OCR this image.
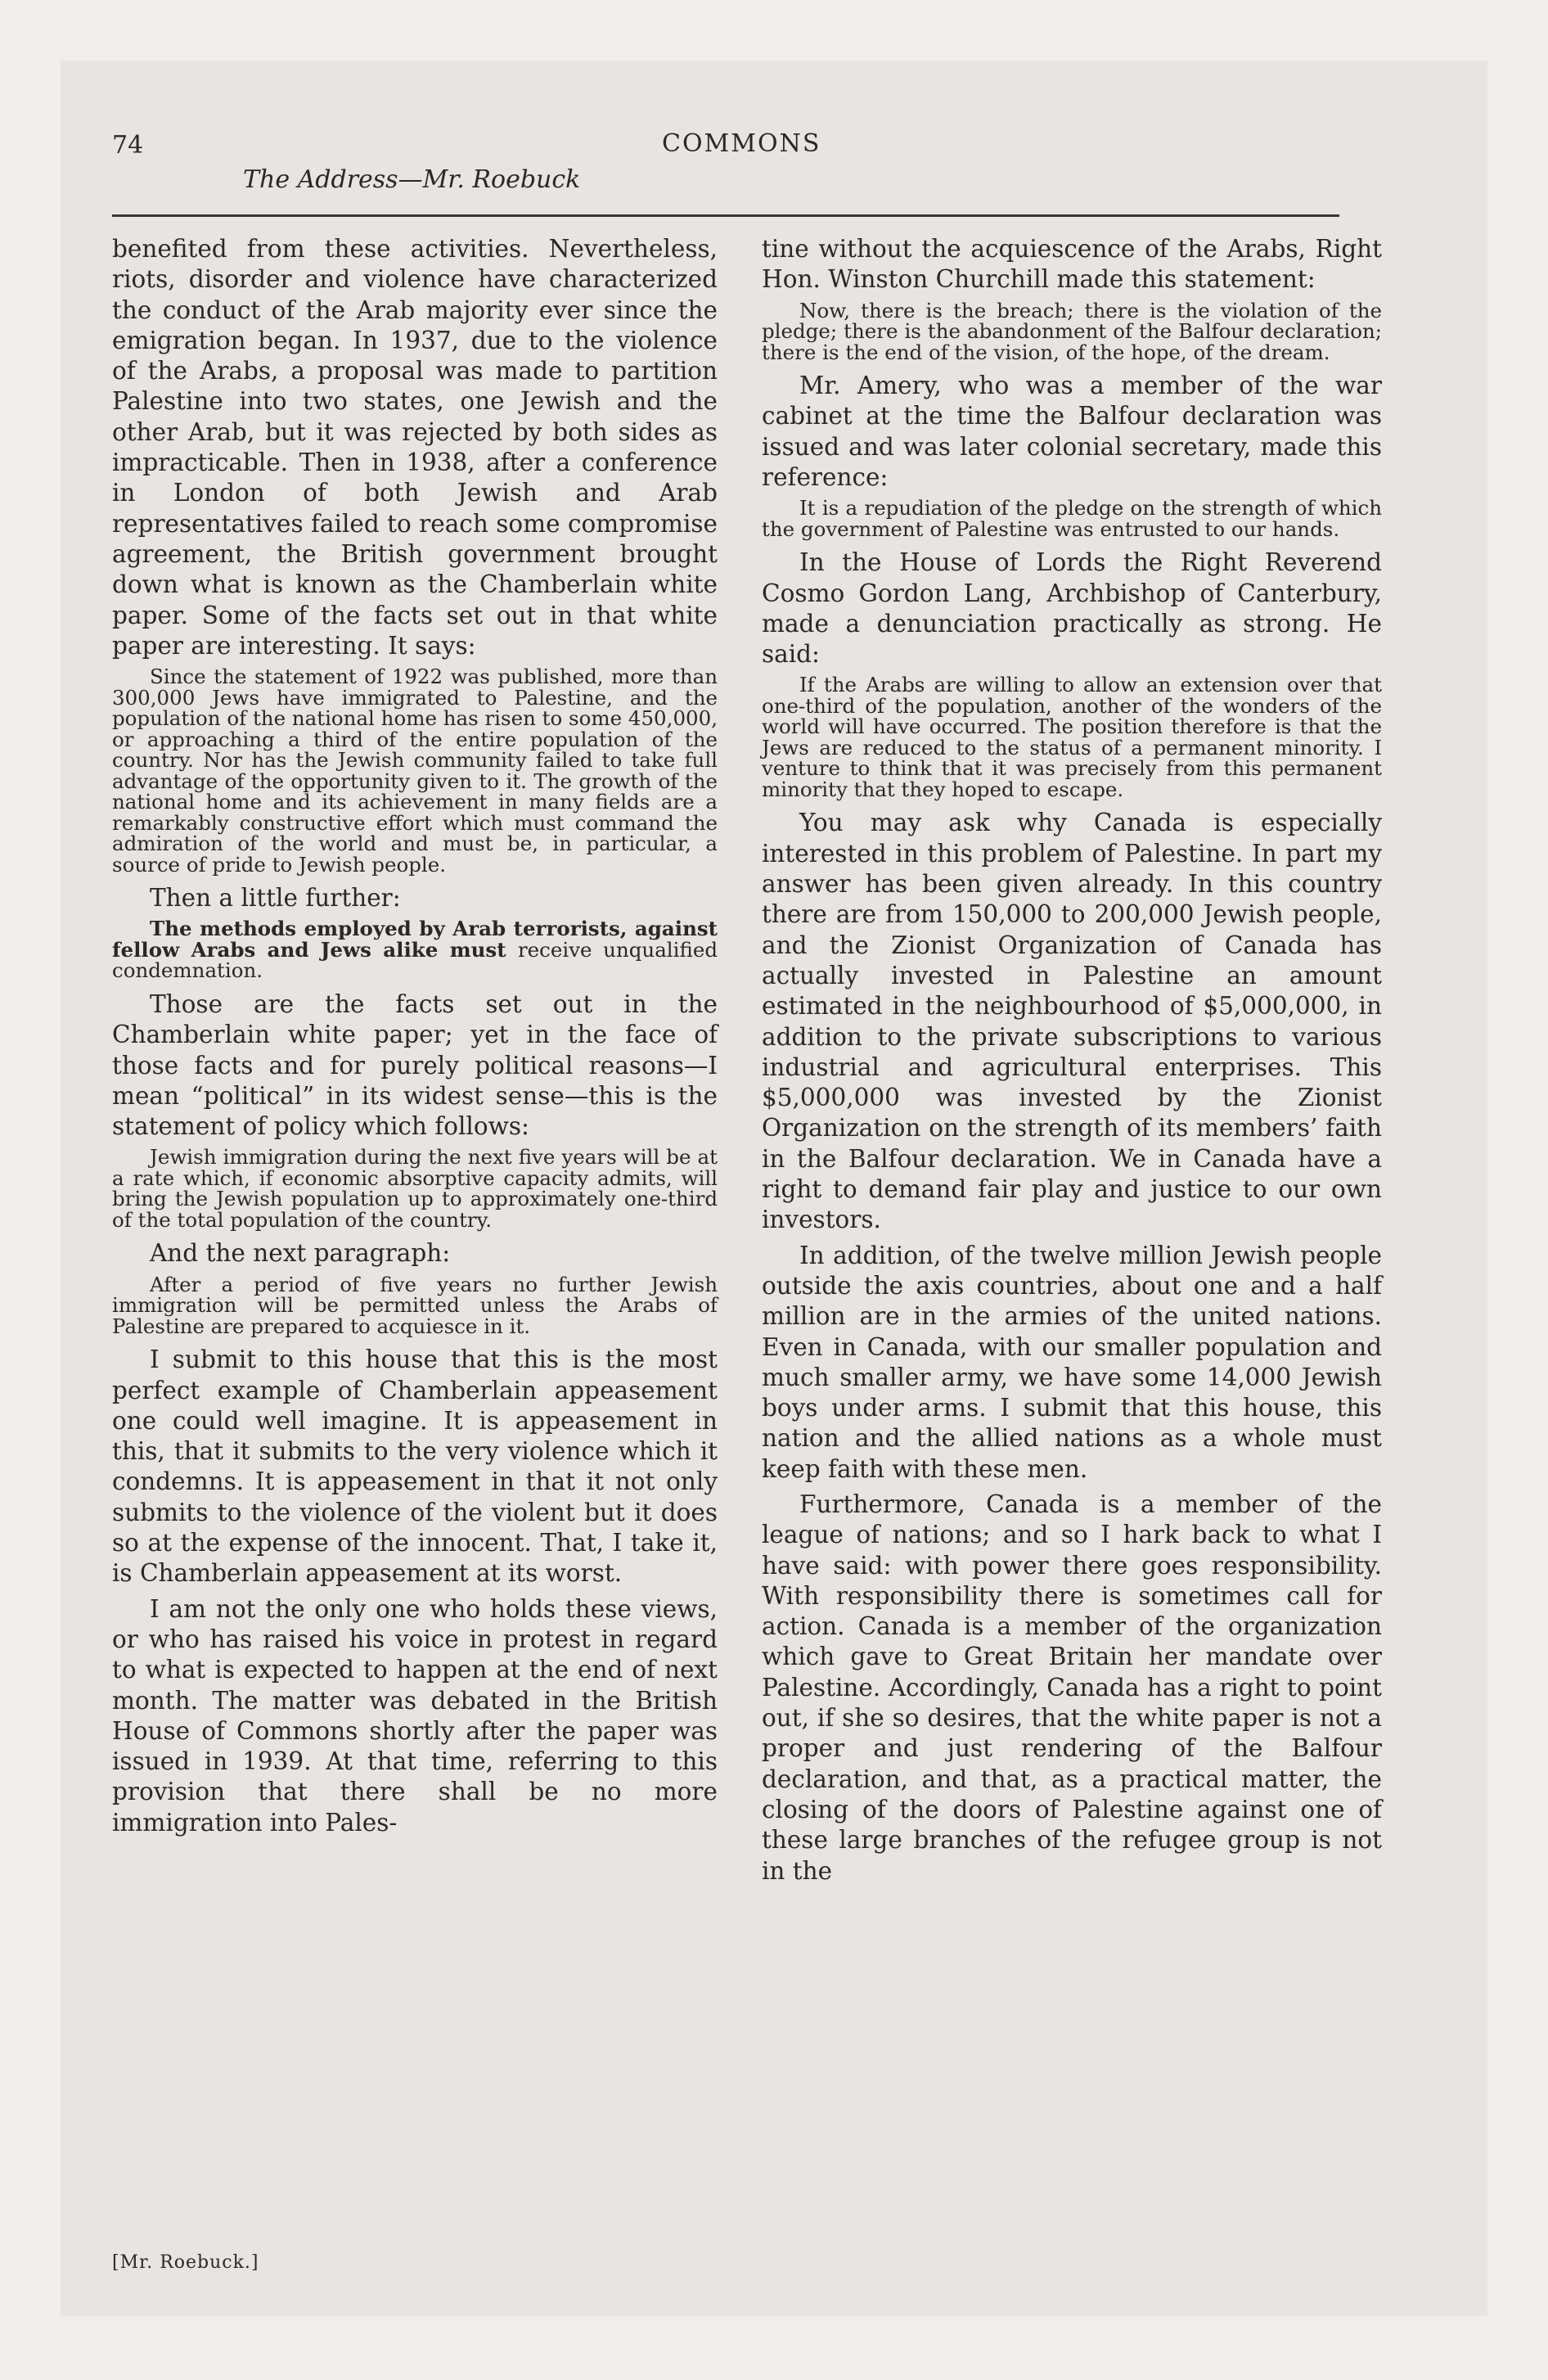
74	COMMONS
The Address—Mr. Roebuck

benefited from these activities. Nevertheless, riots, disorder and violence have characterized the conduct of the Arab majority ever since the emigration began. In 1937, due to the violence of the Arabs, a proposal was made to partition Palestine into two states, one Jewish and the other Arab, but it was rejected by both sides as impracticable. Then in 1938, after a conference in London of both Jewish and Arab representatives failed to reach some compromise agreement, the British government brought down what is known as the Chamberlain white paper. Some of the facts set out in that white paper are interesting. It says:

Since the statement of 1922 was published, more than 300,000 Jews have immigrated to Palestine, and the population of the national home has risen to some 450,000, or approaching a third of the entire population of the country. Nor has the Jewish community failed to take full advantage of the opportunity given to it. The growth of the national home and its achievement in many fields are a remarkably constructive effort which must command the admiration of the world and must be, in particular, a source of pride to Jewish people.

Then a little further:

The methods employed by Arab terrorists, against fellow Arabs and Jews alike must receive unqualified condemnation.

Those are the facts set out in the Chamberlain white paper; yet in the face of those facts and for purely political reasons—I mean “political” in its widest sense—this is the statement of policy which follows:

Jewish immigration during the next five years will be at a rate which, if economic absorptive capacity admits, will bring the Jewish population up to approximately one-third of the total population of the country.

And the next paragraph:

After a period of five years no further Jewish immigration will be permitted unless the Arabs of Palestine are prepared to acquiesce in it.

I submit to this house that this is the most perfect example of Chamberlain appeasement one could well imagine. It is appeasement in this, that it submits to the very violence which it condemns. It is appeasement in that it not only submits to the violence of the violent but it does so at the expense of the innocent. That, I take it, is Chamberlain appeasement at its worst.

I am not the only one who holds these views, or who has raised his voice in protest in regard to what is expected to happen at the end of next month. The matter was debated in the British House of Commons shortly after the paper was issued in 1939. At that time, referring to this provision that there shall be no more immigration into Pales-

[Mr. Roebuck.]

tine without the acquiescence of the Arabs, Right Hon. Winston Churchill made this statement:

Now, there is the breach; there is the violation of the pledge; there is the abandonment of the Balfour declaration; there is the end of the vision, of the hope, of the dream.

Mr. Amery, who was a member of the war cabinet at the time the Balfour declaration was issued and was later colonial secretary, made this reference:

It is a repudiation of the pledge on the strength of which the government of Palestine was entrusted to our hands.

In the House of Lords the Right Reverend Cosmo Gordon Lang, Archbishop of Canterbury, made a denunciation practically as strong. He said:

If the Arabs are willing to allow an extension over that one-third of the population, another of the wonders of the world will have occurred. The position therefore is that the Jews are reduced to the status of a permanent minority. I venture to think that it was precisely from this permanent minority that they hoped to escape.

You may ask why Canada is especially interested in this problem of Palestine. In part my answer has been given already. In this country there are from 150,000 to 200,000 Jewish people, and the Zionist Organization of Canada has actually invested in Palestine an amount estimated in the neighbourhood of $5,000,000, in addition to the private subscriptions to various industrial and agricultural enterprises. This $5,000,000 was invested by the Zionist Organization on the strength of its members’ faith in the Balfour declaration. We in Canada have a right to demand fair play and justice to our own investors.

In addition, of the twelve million Jewish people outside the axis countries, about one and a half million are in the armies of the united nations. Even in Canada, with our smaller population and much smaller army, we have some 14,000 Jewish boys under arms. I submit that this house, this nation and the allied nations as a whole must keep faith with these men.

Furthermore, Canada is a member of the league of nations; and so I hark back to what I have said: with power there goes responsibility. With responsibility there is sometimes call for action. Canada is a member of the organization which gave to Great Britain her mandate over Palestine. Accordingly, Canada has a right to point out, if she so desires, that the white paper is not a proper and just rendering of the Balfour declaration, and that, as a practical matter, the closing of the doors of Palestine against one of these large branches of the refugee group is not in the
